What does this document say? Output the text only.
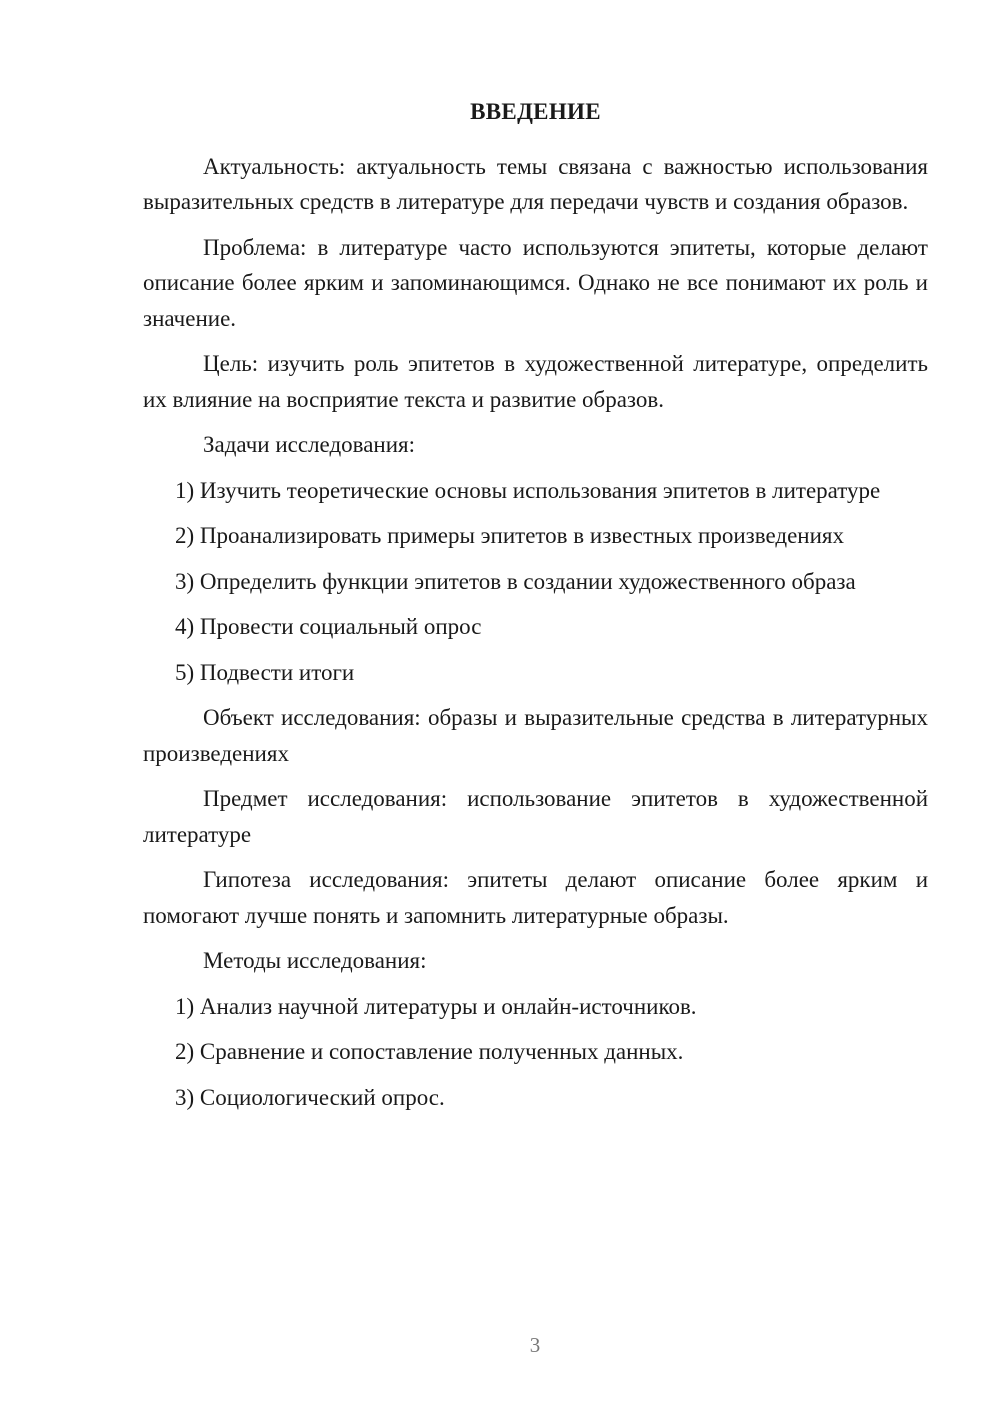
ВВЕДЕНИЕ

Актуальность: актуальность темы связана с важностью использования выразительных средств в литературе для передачи чувств и создания образов.

Проблема: в литературе часто используются эпитеты, которые делают описание более ярким и запоминающимся. Однако не все понимают их роль и значение.

Цель: изучить роль эпитетов в художественной литературе, определить их влияние на восприятие текста и развитие образов.

Задачи исследования:

1) Изучить теоретические основы использования эпитетов в литературе

2) Проанализировать примеры эпитетов в известных произведениях

3) Определить функции эпитетов в создании художественного образа

4) Провести социальный опрос

5) Подвести итоги

Объект исследования: образы и выразительные средства в литературных произведениях

Предмет исследования: использование эпитетов в художественной литературе

Гипотеза исследования: эпитеты делают описание более ярким и помогают лучше понять и запомнить литературные образы.

Методы исследования:

1) Анализ научной литературы и онлайн-источников.

2) Сравнение и сопоставление полученных данных.

3) Социологический опрос.

3
